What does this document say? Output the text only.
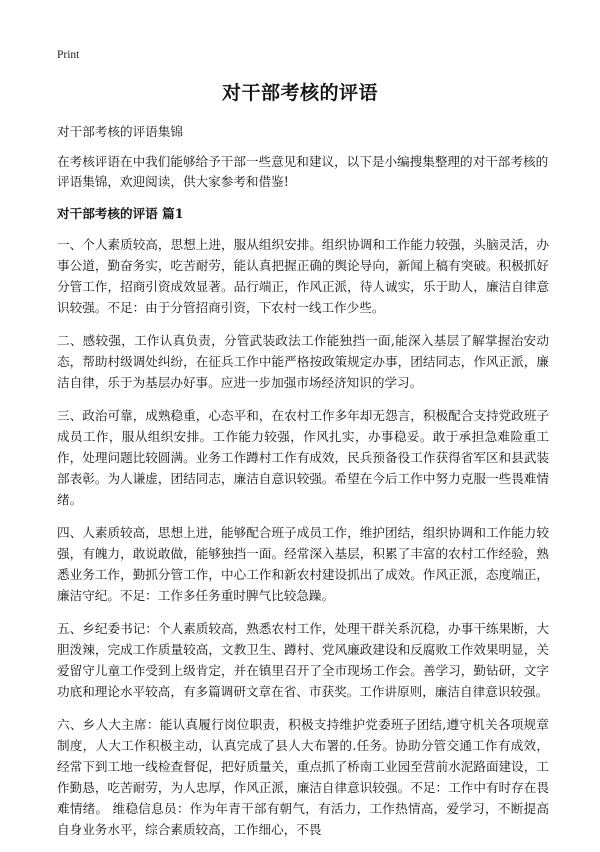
Print
对干部考核的评语

对干部考核的评语集锦

在考核评语在中我们能够给予干部一些意见和建议，以下是小编搜集整理的对干部考核的评语集锦，欢迎阅读，供大家参考和借鉴!

对干部考核的评语 篇1

一、个人素质较高，思想上进，服从组织安排。组织协调和工作能力较强，头脑灵活，办事公道，勤奋务实，吃苦耐劳，能认真把握正确的舆论导向，新闻上稿有突破。积极抓好分管工作，招商引资成效显著。品行端正，作风正派，待人诚实，乐于助人，廉洁自律意识较强。不足：由于分管招商引资，下农村一线工作少些。

二、感较强，工作认真负责，分管武装政法工作能独挡一面,能深入基层了解掌握治安动态，帮助村级调处纠纷，在征兵工作中能严格按政策规定办事，团结同志，作风正派，廉洁自律，乐于为基层办好事。应进一步加强市场经济知识的学习。

三、政治可靠，成熟稳重，心态平和，在农村工作多年却无怨言，积极配合支持党政班子成员工作，服从组织安排。工作能力较强，作风扎实，办事稳妥。敢于承担急难险重工作，处理问题比较圆满。业务工作蹲村工作有成效，民兵预备役工作获得省军区和县武装部表彰。为人谦虚，团结同志，廉洁自意识较强。希望在今后工作中努力克服一些畏难情绪。

四、人素质较高，思想上进，能够配合班子成员工作，维护团结，组织协调和工作能力较强，有魄力，敢说敢做，能够独挡一面。经常深入基层，积累了丰富的农村工作经验，熟悉业务工作，勤抓分管工作，中心工作和新农村建设抓出了成效。作风正派，态度端正，廉洁守纪。不足：工作多任务重时脾气比较急躁。

五、乡纪委书记：个人素质较高，熟悉农村工作，处理干群关系沉稳，办事干练果断，大胆泼辣，完成工作质量较高，文教卫生、蹲村、党风廉政建设和反腐败工作效果明显，关爱留守儿童工作受到上级肯定，并在镇里召开了全市现场工作会。善学习，勤钻研，文字功底和理论水平较高，有多篇调研文章在省、市获奖。工作讲原则，廉洁自律意识较强。

六、乡人大主席：能认真履行岗位职责，积极支持维护党委班子团结,遵守机关各项规章制度，人大工作积极主动，认真完成了县人大布署的.任务。协助分管交通工作有成效，经常下到工地一线检查督促，把好质量关，重点抓了桥南工业园至营前水泥路面建设，工作勤恳，吃苦耐劳，为人忠厚，作风正派，廉洁自律意识较强。不足：工作中有时存在畏难情绪。 维稳信息员：作为年青干部有朝气，有活力，工作热情高，爱学习，不断提高自身业务水平，综合素质较高，工作细心，不畏
